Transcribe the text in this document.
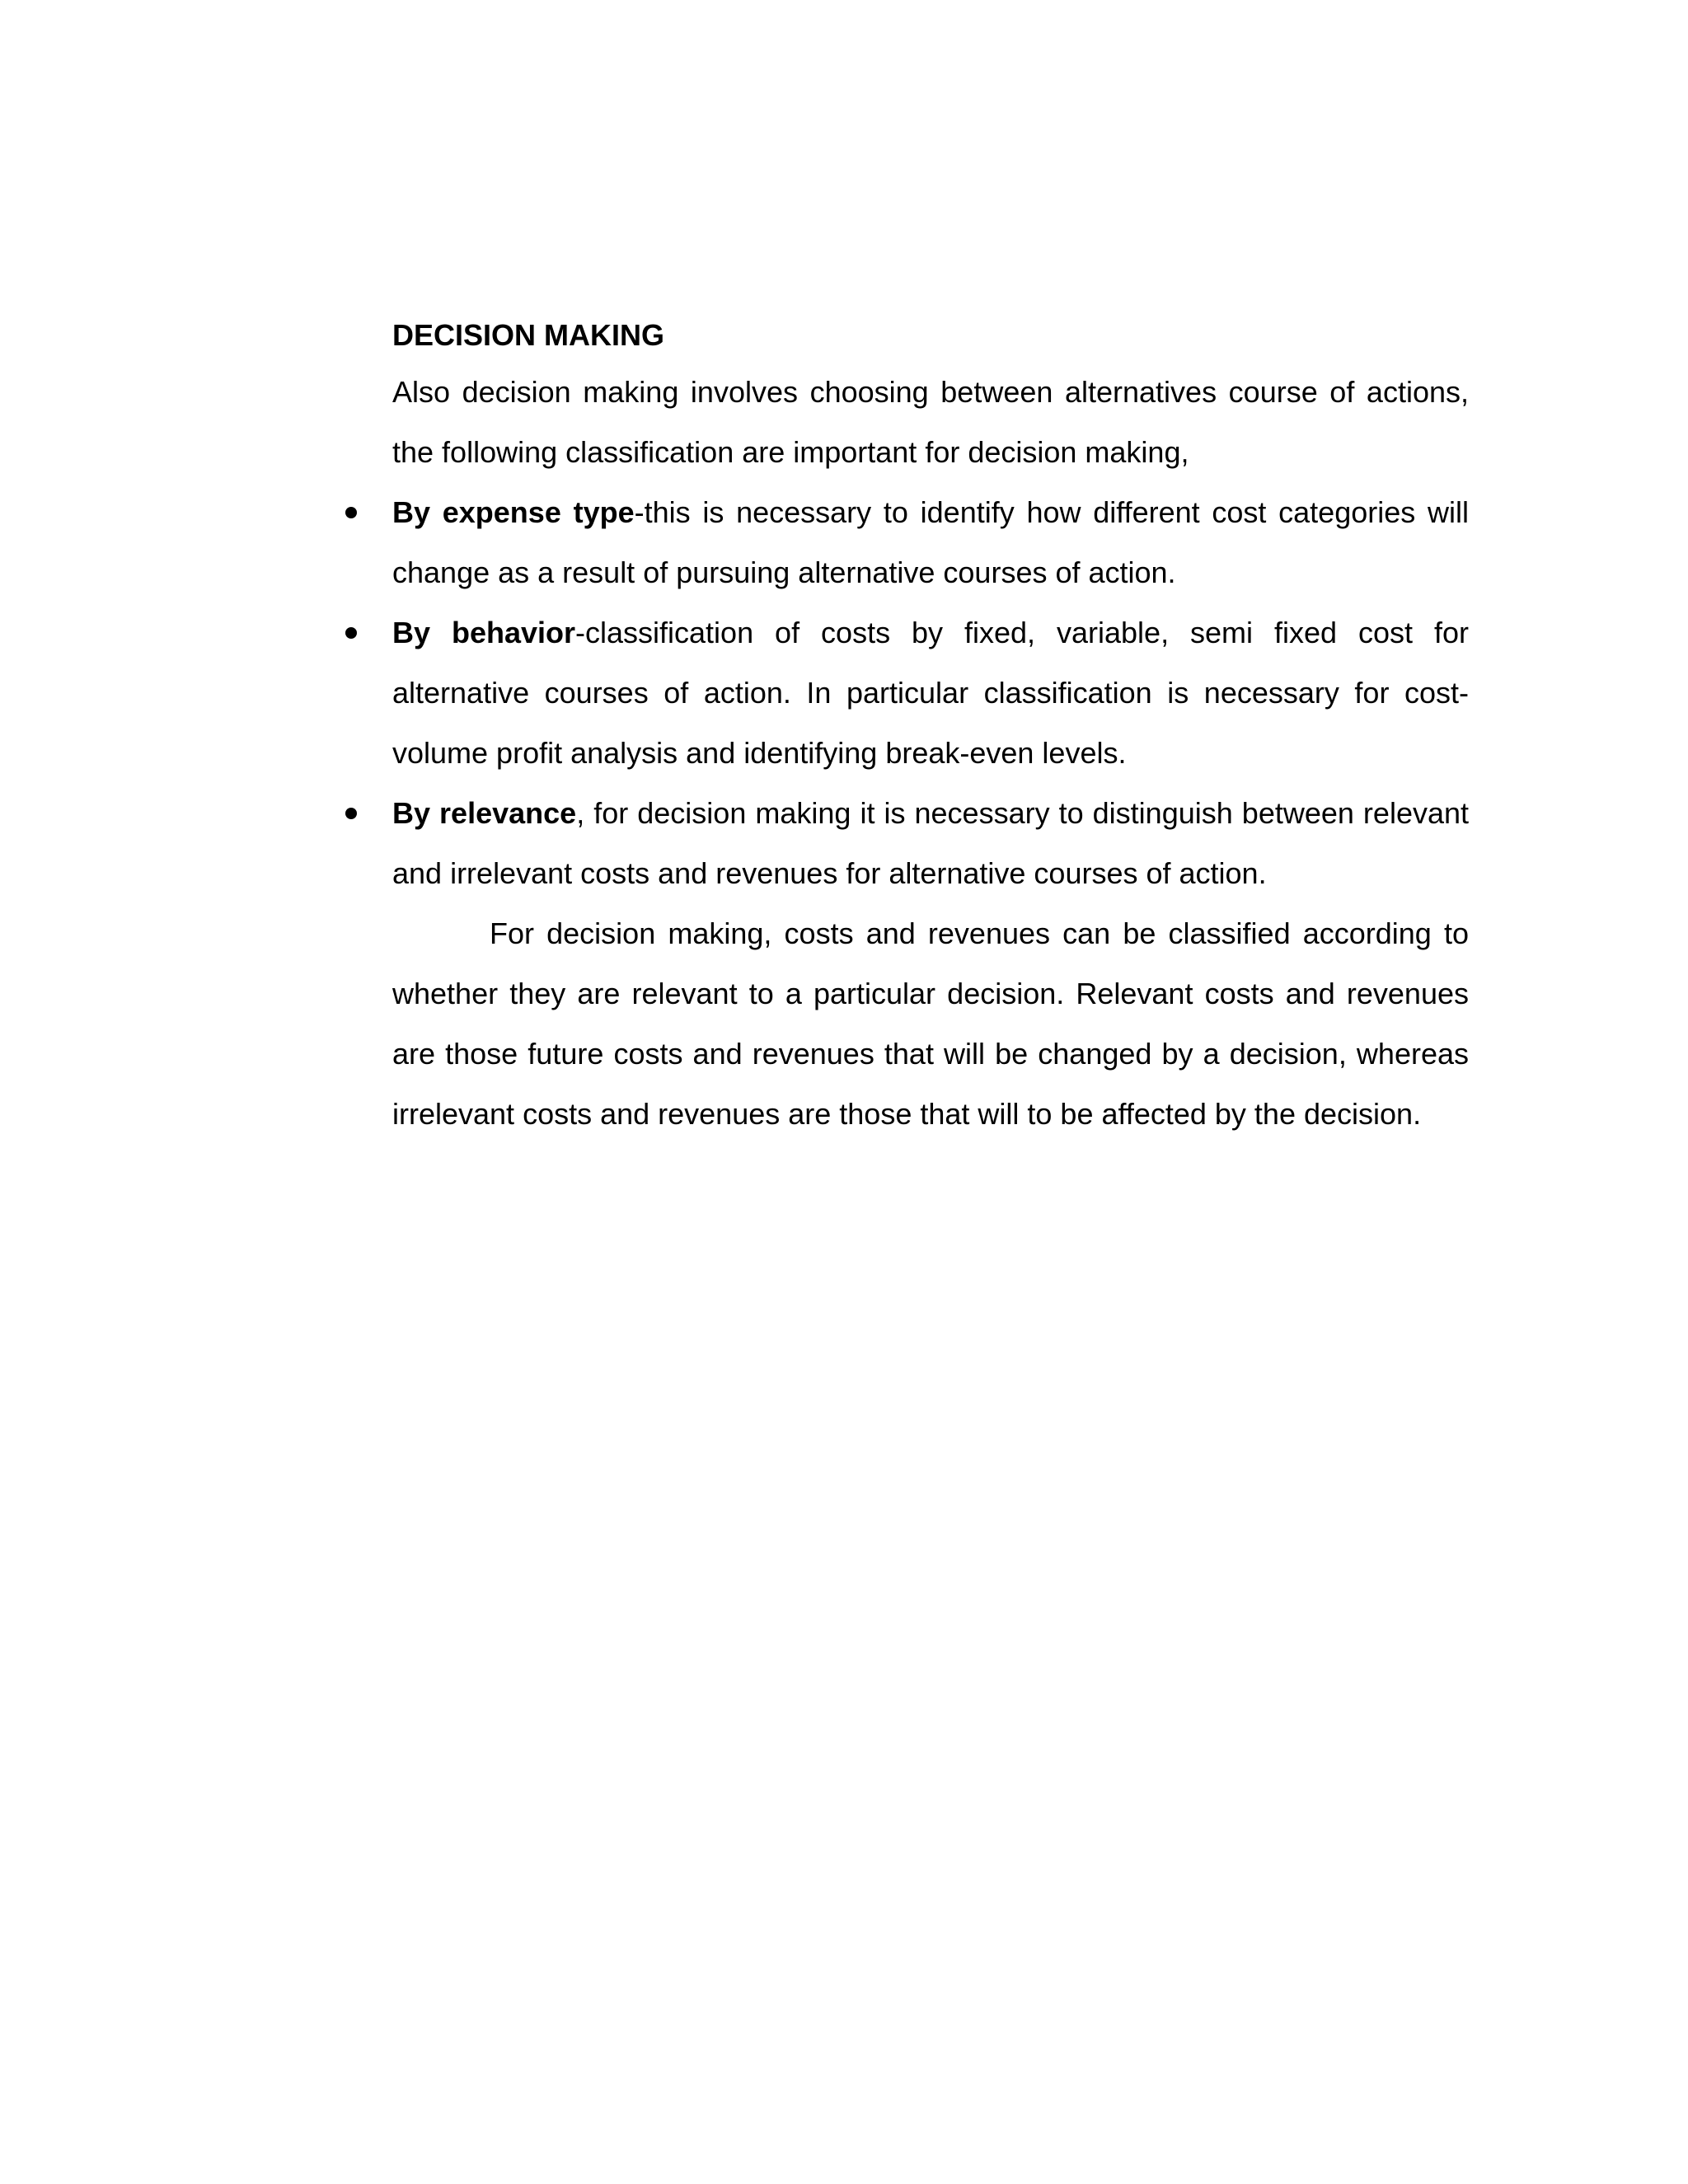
DECISION MAKING

Also decision making involves choosing between alternatives course of actions, the following classification are important for decision making,

By expense type-this is necessary to identify how different cost categories will change as a result of pursuing alternative courses of action.
By behavior-classification of costs by fixed, variable, semi fixed cost for alternative courses of action. In particular classification is necessary for cost-volume profit analysis and identifying break-even levels.
By relevance, for decision making it is necessary to distinguish between relevant and irrelevant costs and revenues for alternative courses of action.

For decision making, costs and revenues can be classified according to whether they are relevant to a particular decision. Relevant costs and revenues are those future costs and revenues that will be changed by a decision, whereas irrelevant costs and revenues are those that will to be affected by the decision.
